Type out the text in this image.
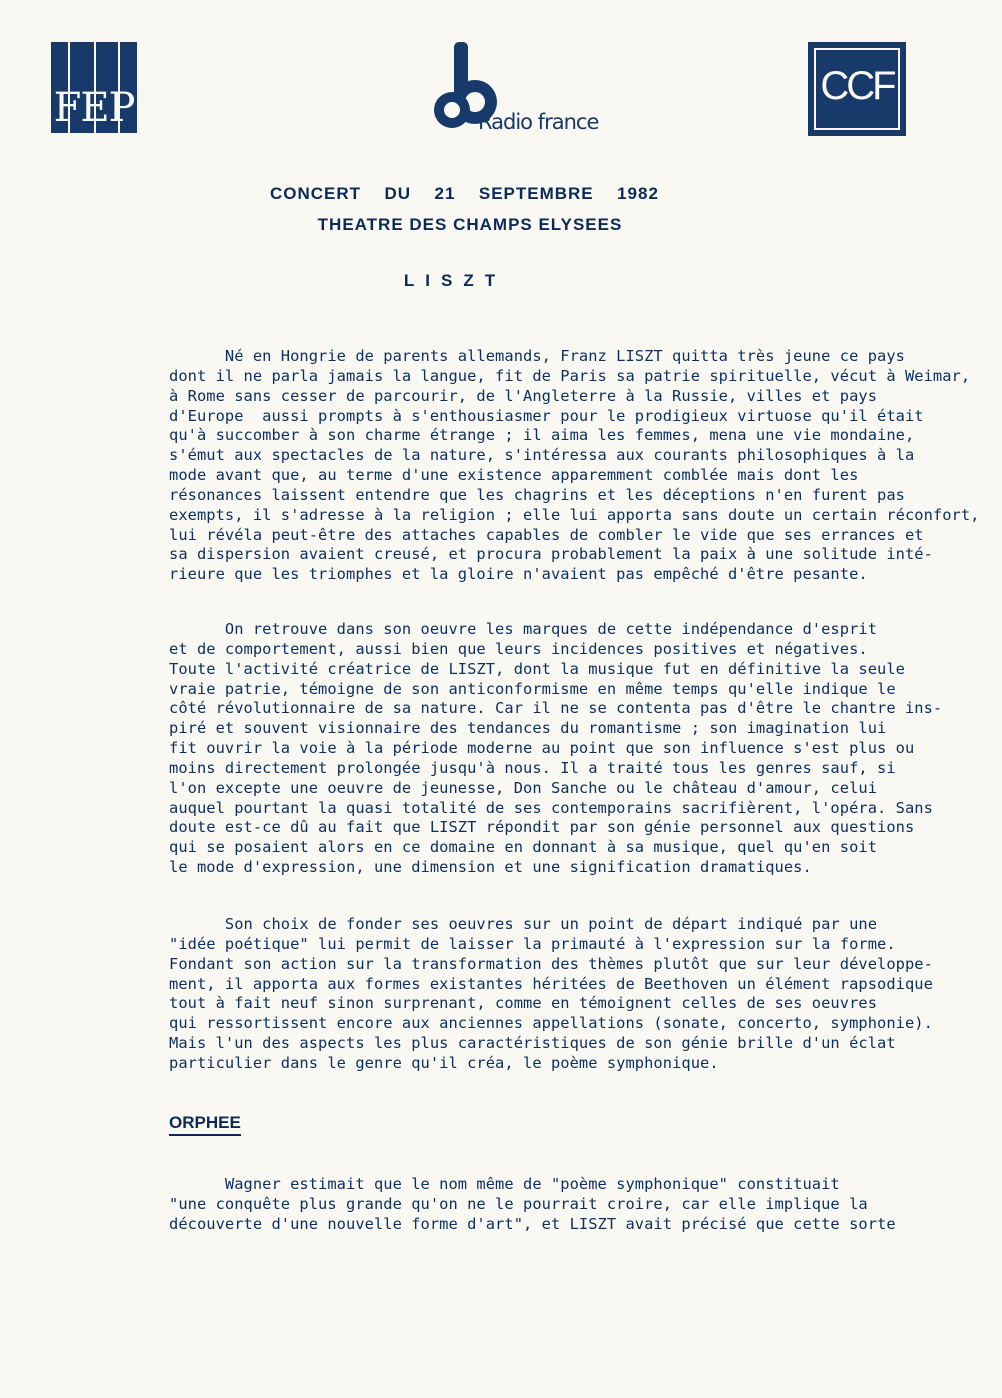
FEP	Radio france
CCF
CONCERT  DU  21  SEPTEMBRE  1982
THEATRE DES CHAMPS ELYSEES
LISZT
Né en Hongrie de parents allemands, Franz LISZT quitta très jeune ce pays
dont il ne parla jamais la langue, fit de Paris sa patrie spirituelle, vécut à Weimar,
à Rome sans cesser de parcourir, de l'Angleterre à la Russie, villes et pays
d'Europe  aussi prompts à s'enthousiasmer pour le prodigieux virtuose qu'il était
qu'à succomber à son charme étrange ; il aima les femmes, mena une vie mondaine,
s'émut aux spectacles de la nature, s'intéressa aux courants philosophiques à la
mode avant que, au terme d'une existence apparemment comblée mais dont les
résonances laissent entendre que les chagrins et les déceptions n'en furent pas
exempts, il s'adresse à la religion ; elle lui apporta sans doute un certain réconfort,
lui révéla peut-être des attaches capables de combler le vide que ses errances et
sa dispersion avaient creusé, et procura probablement la paix à une solitude inté-
rieure que les triomphes et la gloire n'avaient pas empêché d'être pesante.
On retrouve dans son oeuvre les marques de cette indépendance d'esprit
et de comportement, aussi bien que leurs incidences positives et négatives.
Toute l'activité créatrice de LISZT, dont la musique fut en définitive la seule
vraie patrie, témoigne de son anticonformisme en même temps qu'elle indique le
côté révolutionnaire de sa nature. Car il ne se contenta pas d'être le chantre ins-
piré et souvent visionnaire des tendances du romantisme ; son imagination lui
fit ouvrir la voie à la période moderne au point que son influence s'est plus ou
moins directement prolongée jusqu'à nous. Il a traité tous les genres sauf, si
l'on excepte une oeuvre de jeunesse, Don Sanche ou le château d'amour, celui
auquel pourtant la quasi totalité de ses contemporains sacrifièrent, l'opéra. Sans
doute est-ce dû au fait que LISZT répondit par son génie personnel aux questions
qui se posaient alors en ce domaine en donnant à sa musique, quel qu'en soit
le mode d'expression, une dimension et une signification dramatiques.
Son choix de fonder ses oeuvres sur un point de départ indiqué par une
"idée poétique" lui permit de laisser la primauté à l'expression sur la forme.
Fondant son action sur la transformation des thèmes plutôt que sur leur développe-
ment, il apporta aux formes existantes héritées de Beethoven un élément rapsodique
tout à fait neuf sinon surprenant, comme en témoignent celles de ses oeuvres
qui ressortissent encore aux anciennes appellations (sonate, concerto, symphonie).
Mais l'un des aspects les plus caractéristiques de son génie brille d'un éclat
particulier dans le genre qu'il créa, le poème symphonique.
ORPHEE
Wagner estimait que le nom même de "poème symphonique" constituait
"une conquête plus grande qu'on ne le pourrait croire, car elle implique la
découverte d'une nouvelle forme d'art", et LISZT avait précisé que cette sorte
